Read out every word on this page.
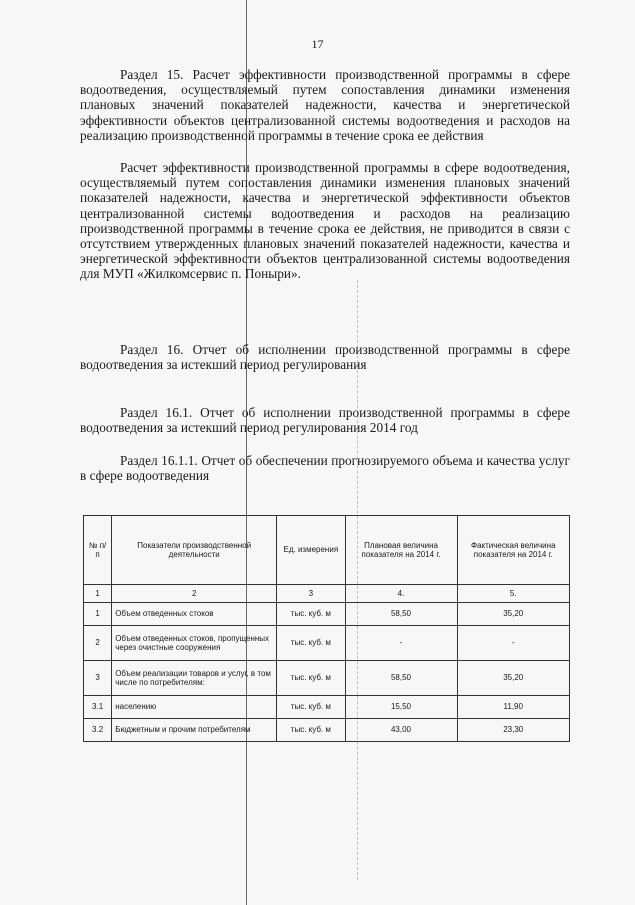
17

Раздел 15. Расчет эффективности производственной программы в сфере водоотведения, осуществляемый путем сопоставления динамики изменения плановых значений показателей надежности, качества и энергетической эффективности объектов централизованной системы водоотведения и расходов на реализацию производственной программы в течение срока ее действия

Расчет эффективности производственной программы в сфере водоотведения, осуществляемый путем сопоставления динамики изменения плановых значений показателей надежности, качества и энергетической эффективности объектов централизованной системы водоотведения и расходов на реализацию производственной программы в течение срока ее действия, не приводится в связи с отсутствием утвержденных плановых значений показателей надежности, качества и энергетической эффективности объектов централизованной системы водоотведения для МУП «Жилкомсервис п. Поныри».

Раздел 16. Отчет об исполнении производственной программы в сфере водоотведения за истекший период регулирования

Раздел 16.1. Отчет об исполнении производственной программы в сфере водоотведения за истекший период регулирования 2014 год

Раздел 16.1.1. Отчет об обеспечении прогнозируемого объема и качества услуг в сфере водоотведения

№ п/п	Показатели производственной деятельности	Ед. измерения	Плановая величина показателя на 2014 г.	Фактическая величина показателя на 2014 г.
1	2	3	4.	5.
1	Объем отведенных стоков	тыс. куб. м	58,50	35,20
2	Объем отведенных стоков, пропущенных через очистные сооружения	тыс. куб. м	-	-
3	Объем реализации товаров и услуг, в том числе по потребителям:	тыс. куб. м	58,50	35,20
3.1	населению	тыс. куб. м	15,50	11,90
3.2	Бюджетным и прочим потребителям	тыс. куб. м	43,00	23,30
